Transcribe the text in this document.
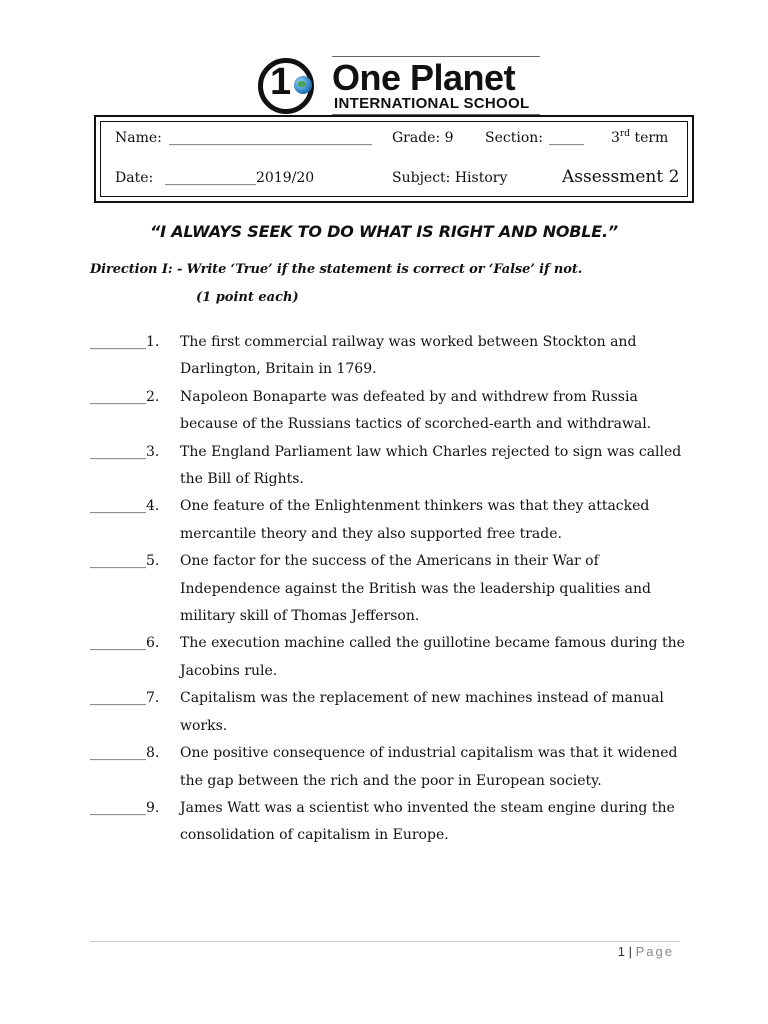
1 One Planet
INTERNATIONAL SCHOOL
Name: _____________________________ Grade: 9 Section: _____ 3rd term
Date: _____________2019/20	Subject: History	Assessment 2
“I ALWAYS SEEK TO DO WHAT IS RIGHT AND NOBLE.”
Direction I: - Write ‘True’ if the statement is correct or ‘False’ if not.
(1 point each)
________1. The first commercial railway was worked between Stockton and Darlington, Britain in 1769.
________2. Napoleon Bonaparte was defeated by and withdrew from Russia because of the Russians tactics of scorched-earth and withdrawal.
________3. The England Parliament law which Charles rejected to sign was called the Bill of Rights.
________4. One feature of the Enlightenment thinkers was that they attacked mercantile theory and they also supported free trade.
________5. One factor for the success of the Americans in their War of Independence against the British was the leadership qualities and military skill of Thomas Jefferson.
________6. The execution machine called the guillotine became famous during the Jacobins rule.
________7. Capitalism was the replacement of new machines instead of manual works.
________8. One positive consequence of industrial capitalism was that it widened the gap between the rich and the poor in European society.
________9. James Watt was a scientist who invented the steam engine during the consolidation of capitalism in Europe.
1 | Page
